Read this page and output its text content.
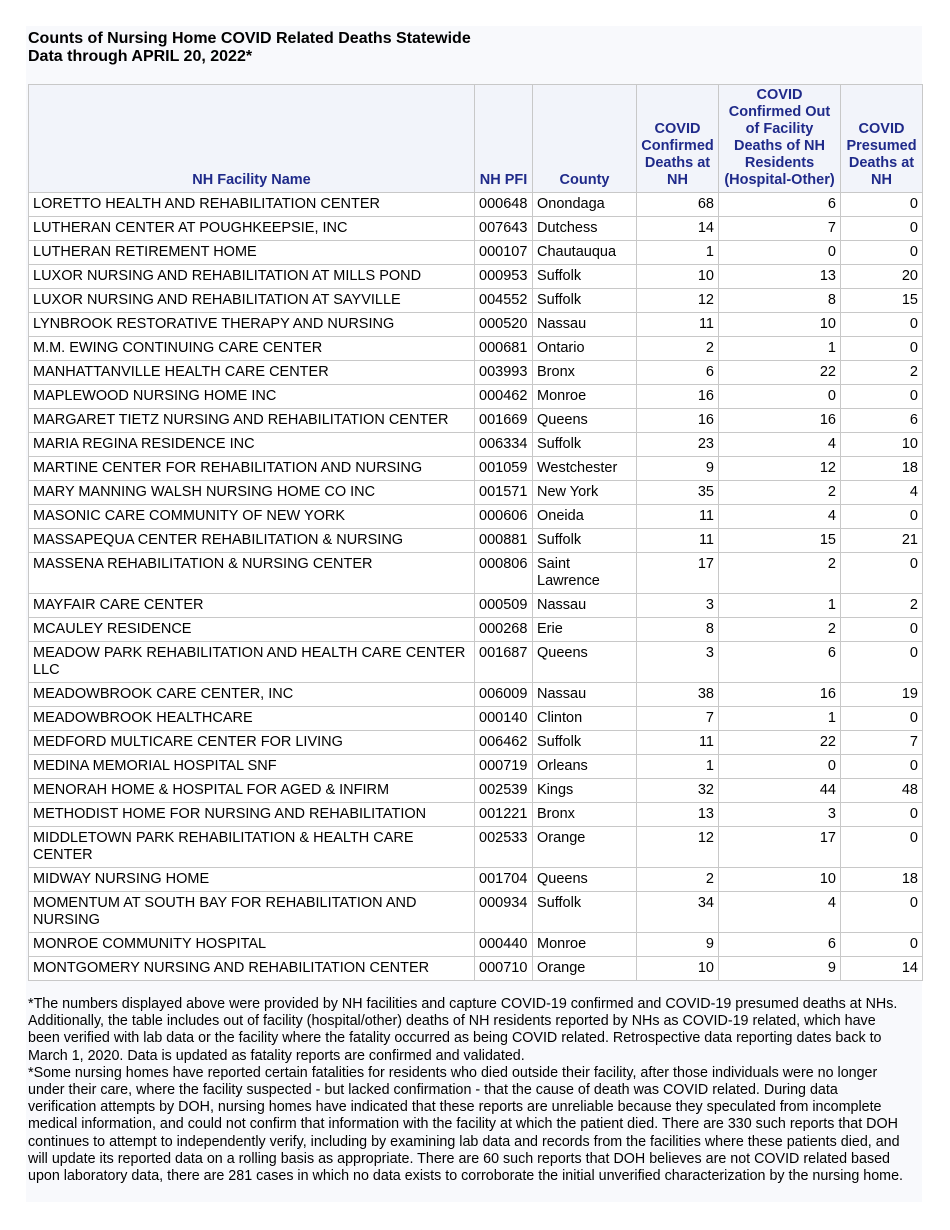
Counts of Nursing Home COVID Related Deaths Statewide
Data through APRIL 20, 2022*
NH Facility Name	NH PFI	County	COVID Confirmed Deaths at NH	COVID Confirmed Out of Facility Deaths of NH Residents (Hospital-Other)	COVID Presumed Deaths at NH
LORETTO HEALTH AND REHABILITATION CENTER	000648	Onondaga	68	6	0
LUTHERAN CENTER AT POUGHKEEPSIE, INC	007643	Dutchess	14	7	0
LUTHERAN RETIREMENT HOME	000107	Chautauqua	1	0	0
LUXOR NURSING AND REHABILITATION AT MILLS POND	000953	Suffolk	10	13	20
LUXOR NURSING AND REHABILITATION AT SAYVILLE	004552	Suffolk	12	8	15
LYNBROOK RESTORATIVE THERAPY AND NURSING	000520	Nassau	11	10	0
M.M. EWING CONTINUING CARE CENTER	000681	Ontario	2	1	0
MANHATTANVILLE HEALTH CARE CENTER	003993	Bronx	6	22	2
MAPLEWOOD NURSING HOME INC	000462	Monroe	16	0	0
MARGARET TIETZ NURSING AND REHABILITATION CENTER	001669	Queens	16	16	6
MARIA REGINA RESIDENCE INC	006334	Suffolk	23	4	10
MARTINE CENTER FOR REHABILITATION AND NURSING	001059	Westchester	9	12	18
MARY MANNING WALSH NURSING HOME CO INC	001571	New York	35	2	4
MASONIC CARE COMMUNITY OF NEW YORK	000606	Oneida	11	4	0
MASSAPEQUA CENTER REHABILITATION & NURSING	000881	Suffolk	11	15	21
MASSENA REHABILITATION & NURSING CENTER	000806	Saint Lawrence	17	2	0
MAYFAIR CARE CENTER	000509	Nassau	3	1	2
MCAULEY RESIDENCE	000268	Erie	8	2	0
MEADOW PARK REHABILITATION AND HEALTH CARE CENTER LLC	001687	Queens	3	6	0
MEADOWBROOK CARE CENTER, INC	006009	Nassau	38	16	19
MEADOWBROOK HEALTHCARE	000140	Clinton	7	1	0
MEDFORD MULTICARE CENTER FOR LIVING	006462	Suffolk	11	22	7
MEDINA MEMORIAL HOSPITAL SNF	000719	Orleans	1	0	0
MENORAH HOME & HOSPITAL FOR AGED & INFIRM	002539	Kings	32	44	48
METHODIST HOME FOR NURSING AND REHABILITATION	001221	Bronx	13	3	0
MIDDLETOWN PARK REHABILITATION & HEALTH CARE CENTER	002533	Orange	12	17	0
MIDWAY NURSING HOME	001704	Queens	2	10	18
MOMENTUM AT SOUTH BAY FOR REHABILITATION AND NURSING	000934	Suffolk	34	4	0
MONROE COMMUNITY HOSPITAL	000440	Monroe	9	6	0
MONTGOMERY NURSING AND REHABILITATION CENTER	000710	Orange	10	9	14

*The numbers displayed above were provided by NH facilities and capture COVID-19 confirmed and COVID-19 presumed deaths at NHs. Additionally, the table includes out of facility (hospital/other) deaths of NH residents reported by NHs as COVID-19 related, which have been verified with lab data or the facility where the fatality occurred as being COVID related. Retrospective data reporting dates back to March 1, 2020. Data is updated as fatality reports are confirmed and validated.

*Some nursing homes have reported certain fatalities for residents who died outside their facility, after those individuals were no longer under their care, where the facility suspected - but lacked confirmation - that the cause of death was COVID related. During data verification attempts by DOH, nursing homes have indicated that these reports are unreliable because they speculated from incomplete medical information, and could not confirm that information with the facility at which the patient died. There are 330 such reports that DOH continues to attempt to independently verify, including by examining lab data and records from the facilities where these patients died, and will update its reported data on a rolling basis as appropriate. There are 60 such reports that DOH believes are not COVID related based upon laboratory data, there are 281 cases in which no data exists to corroborate the initial unverified characterization by the nursing home.
